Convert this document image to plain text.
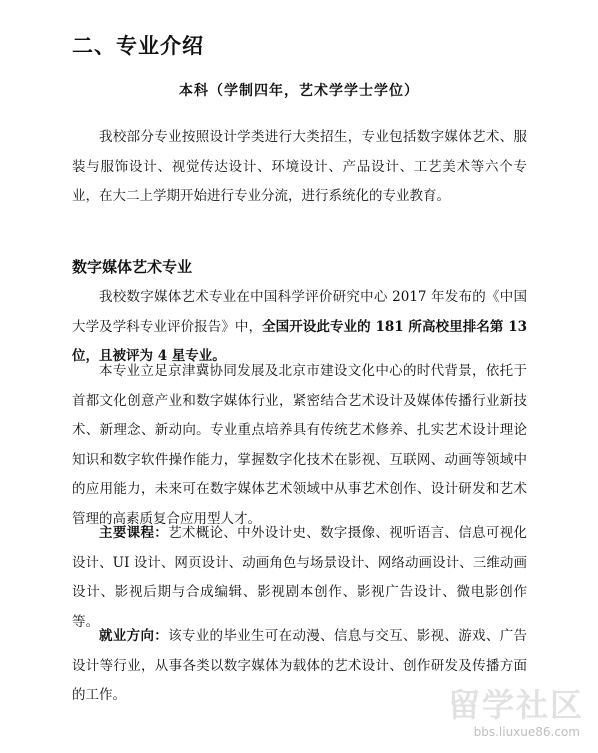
二、专业介绍
本科（学制四年，艺术学学士学位）

我校部分专业按照设计学类进行大类招生，专业包括数字媒体艺术、服装与服饰设计、视觉传达设计、环境设计、产品设计、工艺美术等六个专业，在大二上学期开始进行专业分流，进行系统化的专业教育。

数字媒体艺术专业

我校数字媒体艺术专业在中国科学评价研究中心 2017 年发布的《中国大学及学科专业评价报告》中，全国开设此专业的 181 所高校里排名第 13 位，且被评为 4 星专业。

本专业立足京津冀协同发展及北京市建设文化中心的时代背景，依托于首都文化创意产业和数字媒体行业，紧密结合艺术设计及媒体传播行业新技术、新理念、新动向。专业重点培养具有传统艺术修养、扎实艺术设计理论知识和数字软件操作能力，掌握数字化技术在影视、互联网、动画等领域中的应用能力，未来可在数字媒体艺术领域中从事艺术创作、设计研发和艺术管理的高素质复合应用型人才。

主要课程：艺术概论、中外设计史、数字摄像、视听语言、信息可视化设计、UI 设计、网页设计、动画角色与场景设计、网络动画设计、三维动画设计、影视后期与合成编辑、影视剧本创作、影视广告设计、微电影创作等。

就业方向：该专业的毕业生可在动漫、信息与交互、影视、游戏、广告设计等行业，从事各类以数字媒体为载体的艺术设计、创作研发及传播方面的工作。	留学社区
bbs.liuxue86.com
